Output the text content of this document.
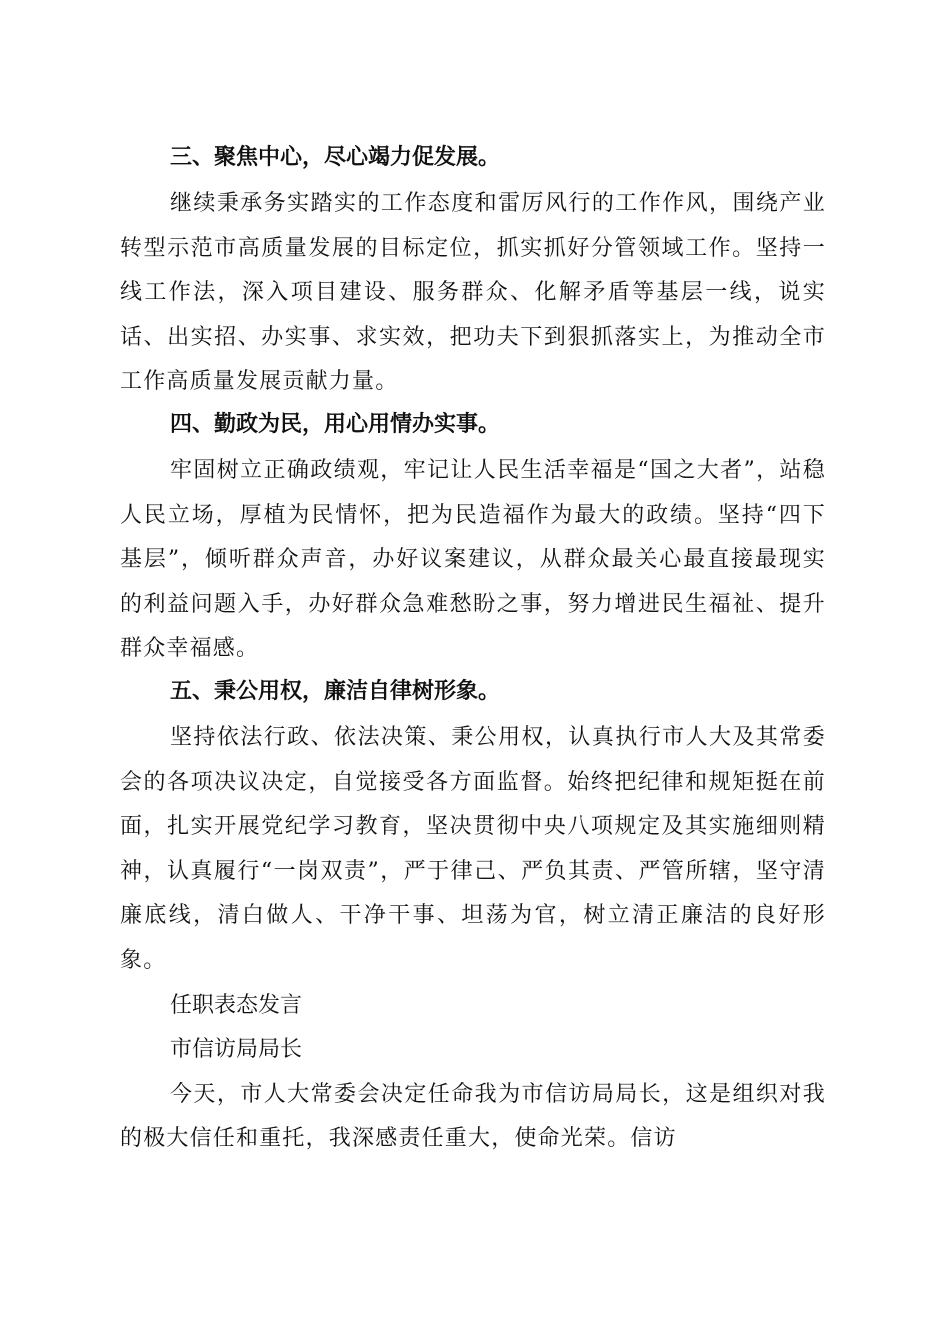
三、聚焦中心，尽心竭力促发展。

继续秉承务实踏实的工作态度和雷厉风行的工作作风，围绕产业转型示范市高质量发展的目标定位，抓实抓好分管领域工作。坚持一线工作法，深入项目建设、服务群众、化解矛盾等基层一线，说实话、出实招、办实事、求实效，把功夫下到狠抓落实上，为推动全市工作高质量发展贡献力量。

四、勤政为民，用心用情办实事。

牢固树立正确政绩观，牢记让人民生活幸福是“国之大者”，站稳人民立场，厚植为民情怀，把为民造福作为最大的政绩。坚持“四下基层”，倾听群众声音，办好议案建议，从群众最关心最直接最现实的利益问题入手，办好群众急难愁盼之事，努力增进民生福祉、提升群众幸福感。

五、秉公用权，廉洁自律树形象。

坚持依法行政、依法决策、秉公用权，认真执行市人大及其常委会的各项决议决定，自觉接受各方面监督。始终把纪律和规矩挺在前面，扎实开展党纪学习教育，坚决贯彻中央八项规定及其实施细则精神，认真履行“一岗双责”，严于律己、严负其责、严管所辖，坚守清廉底线，清白做人、干净干事、坦荡为官，树立清正廉洁的良好形象。

任职表态发言
市信访局局长

今天，市人大常委会决定任命我为市信访局局长，这是组织对我的极大信任和重托，我深感责任重大，使命光荣。信访
